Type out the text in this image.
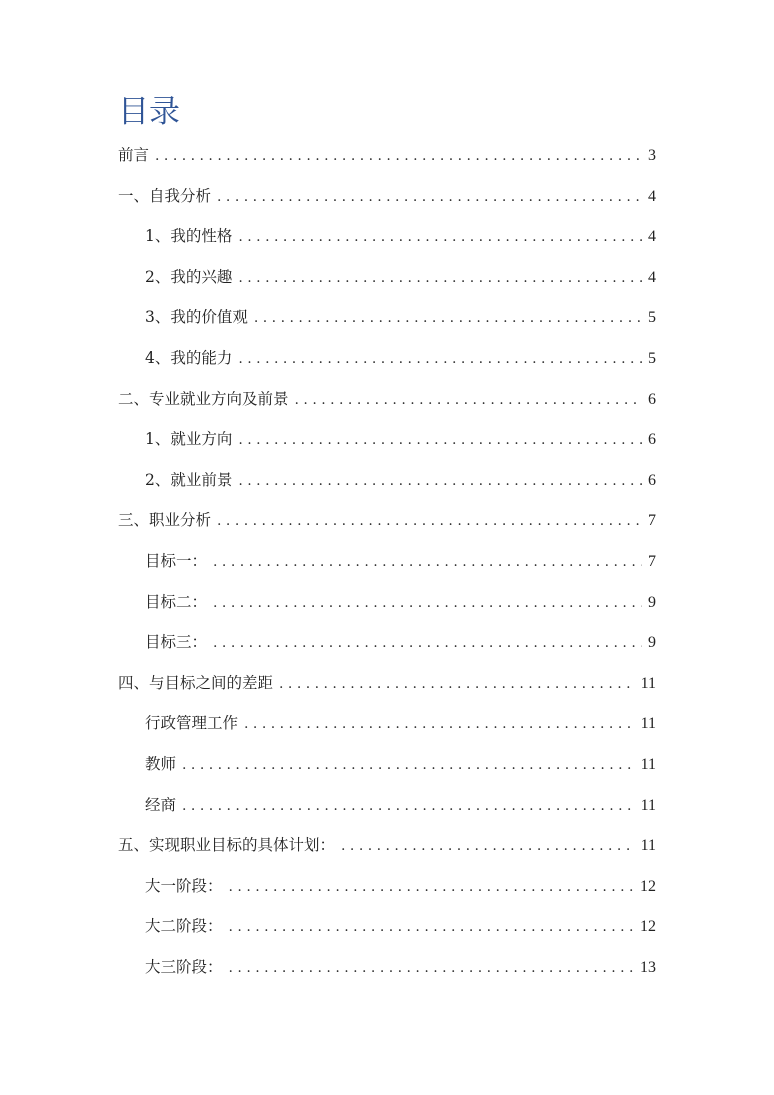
目录
前言 . . .	3
一、自我分析 . . .	4
1、我的性格 . . .	4
2、我的兴趣 . . .	4
3、我的价值观 . . .	5
4、我的能力 . . .	5
二、专业就业方向及前景 . . .	6
1、就业方向 . . .	6
2、就业前景 . . .	6
三、职业分析 . . .	7
目标一： . . .	7
目标二： . . .	9
目标三： . . .	9
四、与目标之间的差距 . . .	11
行政管理工作 . . .	11
教师 . . .	11
经商 . . .	11
五、实现职业目标的具体计划： . . .	11
大一阶段： . . .	12
大二阶段： . . .	12
大三阶段： . . .	13
